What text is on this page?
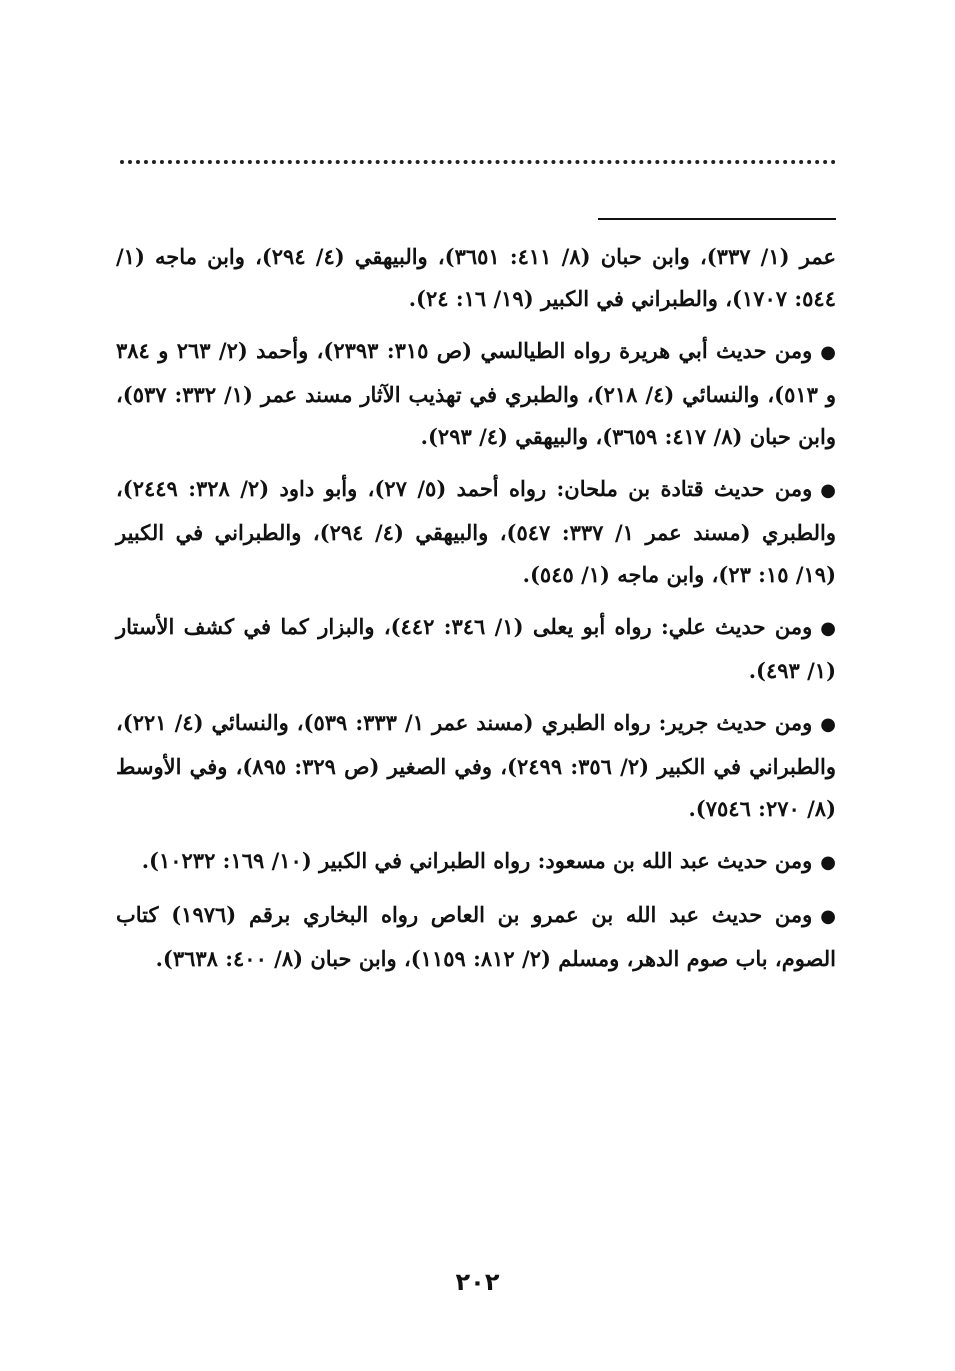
عمر (١/ ٣٣٧)، وابن حبان (٨/ ٤١١: ٣٦٥١)، والبيهقي (٤/ ٢٩٤)، وابن ماجه (١/ ٥٤٤: ١٧٠٧)، والطبراني في الكبير (١٩/ ١٦: ٢٤).

●ومن حديث أبي هريرة رواه الطيالسي (ص ٣١٥: ٢٣٩٣)، وأحمد (٢/ ٢٦٣ و ٣٨٤ و ٥١٣)، والنسائي (٤/ ٢١٨)، والطبري في تهذيب الآثار مسند عمر (١/ ٣٣٢: ٥٣٧)، وابن حبان (٨/ ٤١٧: ٣٦٥٩)، والبيهقي (٤/ ٢٩٣).

●ومن حديث قتادة بن ملحان: رواه أحمد (٥/ ٢٧)، وأبو داود (٢/ ٣٢٨: ٢٤٤٩)، والطبري (مسند عمر ١/ ٣٣٧: ٥٤٧)، والبيهقي (٤/ ٢٩٤)، والطبراني في الكبير (١٩/ ١٥: ٢٣)، وابن ماجه (١/ ٥٤٥).

●ومن حديث علي: رواه أبو يعلى (١/ ٣٤٦: ٤٤٢)، والبزار كما في كشف الأستار (١/ ٤٩٣).

●ومن حديث جرير: رواه الطبري (مسند عمر ١/ ٣٣٣: ٥٣٩)، والنسائي (٤/ ٢٢١)، والطبراني في الكبير (٢/ ٣٥٦: ٢٤٩٩)، وفي الصغير (ص ٣٢٩: ٨٩٥)، وفي الأوسط (٨/ ٢٧٠: ٧٥٤٦).

●ومن حديث عبد الله بن مسعود: رواه الطبراني في الكبير (١٠/ ١٦٩: ١٠٢٣٢).

●ومن حديث عبد الله بن عمرو بن العاص رواه البخاري برقم (١٩٧٦) كتاب الصوم، باب صوم الدهر، ومسلم (٢/ ٨١٢: ١١٥٩)، وابن حبان (٨/ ٤٠٠: ٣٦٣٨).

٢٠٢
